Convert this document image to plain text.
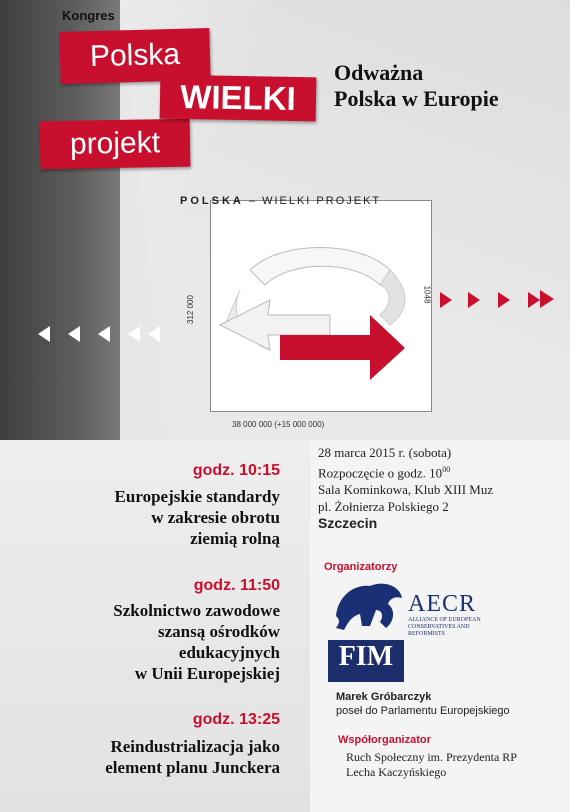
Kongres
Polska
projekt
WIELKI
Odważna
Polska w Europie
POLSKA – WIELKI PROJEKT
312 000
1048
38 000 000 (+15 000 000)
godz. 10:15
Europejskie standardy
w zakresie obrotu
ziemią rolną
godz. 11:50
Szkolnictwo zawodowe
szansą ośrodków
edukacyjnych
w Unii Europejskiej
godz. 13:25
Reindustrializacja jako
element planu Junckera
28 marca 2015 r. (sobota)
Rozpoczęcie o godz. $10^{00}$
Sala Kominkowa, Klub XIII Muz
pl. Żołnierza Polskiego 2
Szczecin
Organizatorzy
AECR
ALLIANCE OF EUROPEAN CONSERVATIVES AND REFORMISTS
FIM
Marek Gróbarczyk
poseł do Parlamentu Europejskiego
Współorganizator
Ruch Społeczny im. Prezydenta RP
Lecha Kaczyńskiego
